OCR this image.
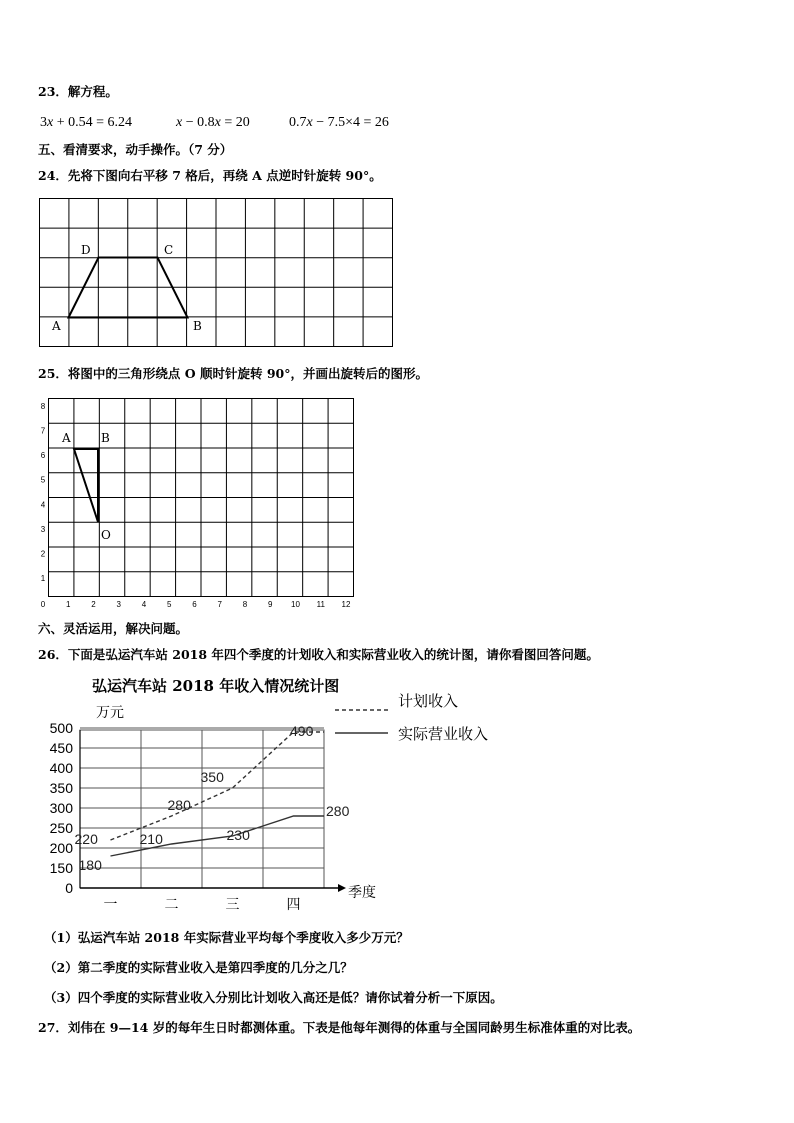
23．解方程。
3x + 0.54 = 6.24	x − 0.8x = 20	0.7x − 7.5×4 = 26
五、看清要求，动手操作。（7 分）
24．先将下图向右平移 7 格后，再绕 A 点逆时针旋转 90°。
A	B
C
D
25．将图中的三角形绕点 O 顺时针旋转 90°，并画出旋转后的图形。
A	B
O
0	1	2	3	4	5	6	7	8	9 10 11 12
1
2
3
4
5
6
7
8
六、灵活运用，解决问题。
26．下面是弘运汽车站 2018 年四个季度的计划收入和实际营业收入的统计图，请你看图回答问题。
弘运汽车站 2018 年收入情况统计图
万元
0
150
200
250
300
350
400
450
500
一	二	三	四
季度
220
280
350
490
180
210	230
280
计划收入
实际营业收入
（1）弘运汽车站 2018 年实际营业平均每个季度收入多少万元？
（2）第二季度的实际营业收入是第四季度的几分之几？
（3）四个季度的实际营业收入分别比计划收入高还是低？请你试着分析一下原因。
27．刘伟在 9—14 岁的每年生日时都测体重。下表是他每年测得的体重与全国同龄男生标准体重的对比表。
